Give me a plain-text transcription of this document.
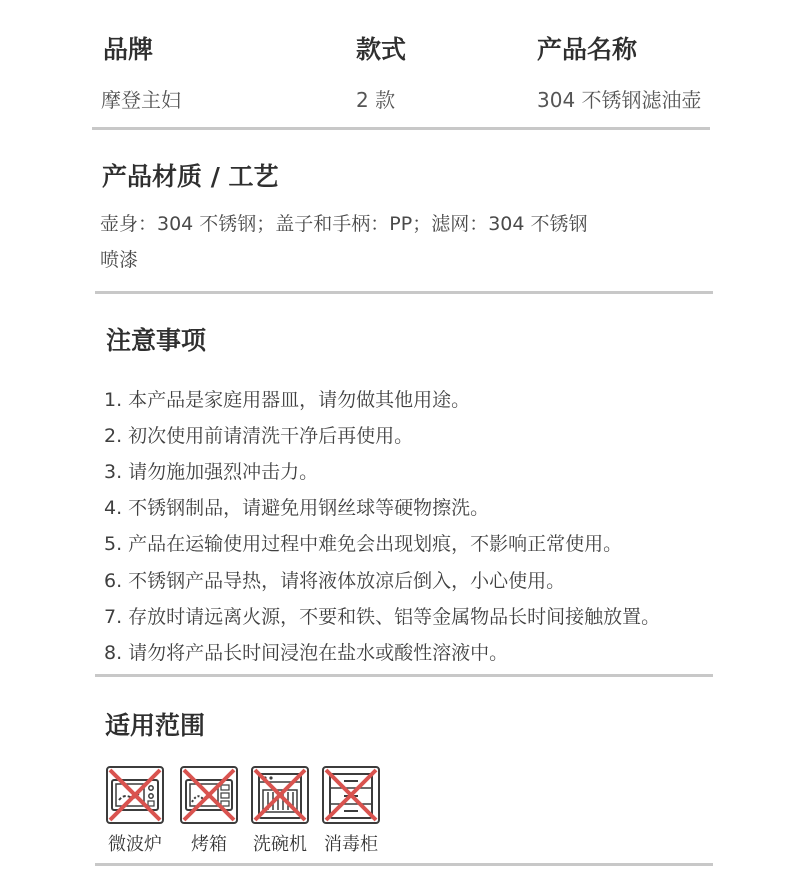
品牌	款式	产品名称
摩登主妇	2 款	304 不锈钢滤油壶
产品材质 / 工艺
壶身：304 不锈钢；盖子和手柄：PP；滤网：304 不锈钢
喷漆
注意事项
1. 本产品是家庭用器皿，请勿做其他用途。
2. 初次使用前请清洗干净后再使用。
3. 请勿施加强烈冲击力。
4. 不锈钢制品，请避免用钢丝球等硬物擦洗。
5. 产品在运输使用过程中难免会出现划痕，不影响正常使用。
6. 不锈钢产品导热，请将液体放凉后倒入，小心使用。
7. 存放时请远离火源，不要和铁、铝等金属物品长时间接触放置。
8. 请勿将产品长时间浸泡在盐水或酸性溶液中。
适用范围
微波炉	烤箱	洗碗机 消毒柜
